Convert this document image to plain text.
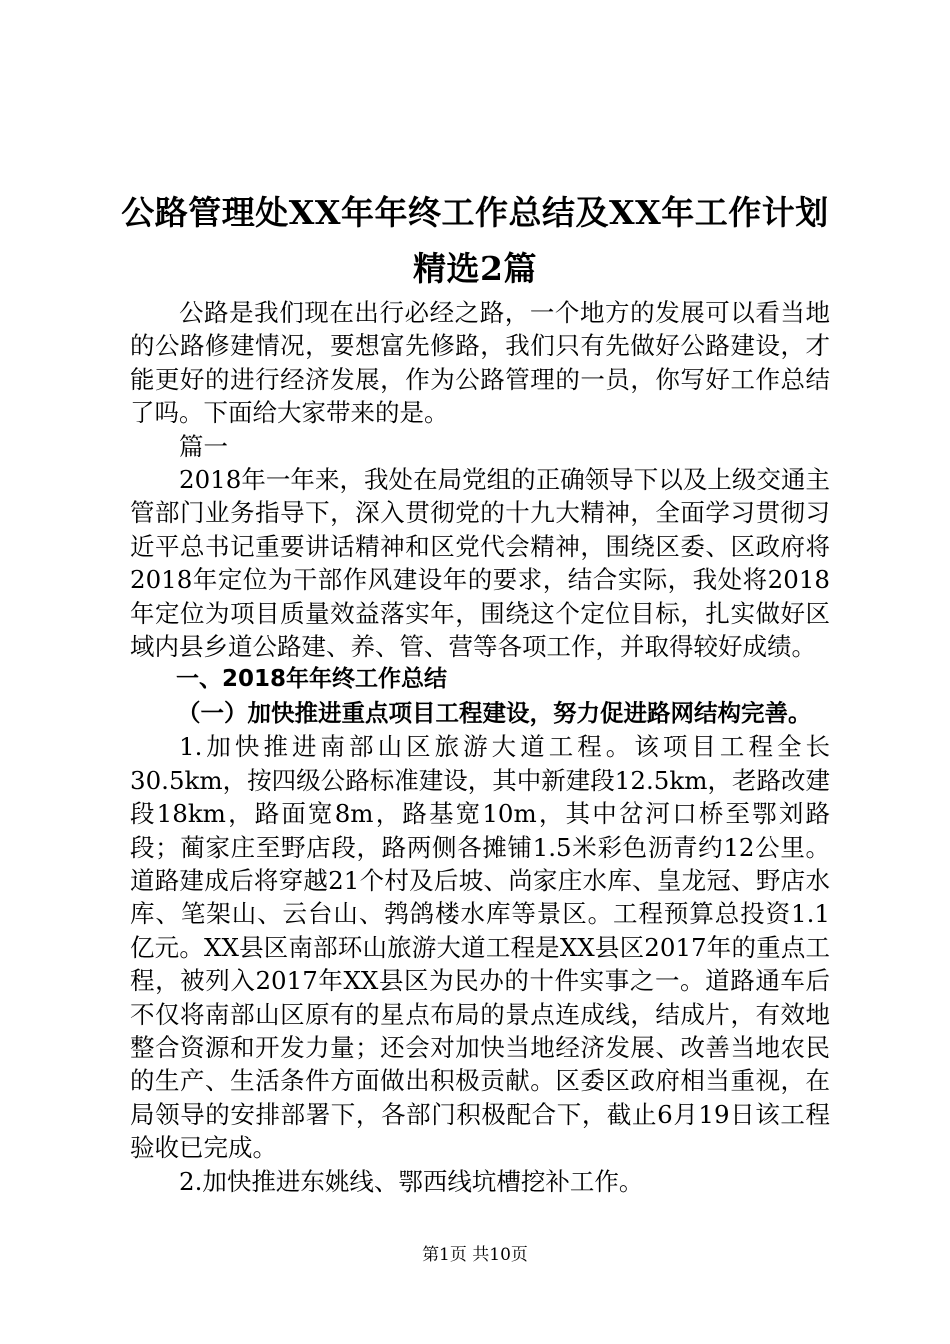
公路管理处XX年年终工作总结及XX年工作计划精选2篇

公路是我们现在出行必经之路，一个地方的发展可以看当地的公路修建情况，要想富先修路，我们只有先做好公路建设，才能更好的进行经济发展，作为公路管理的一员，你写好工作总结了吗。下面给大家带来的是。

篇一

2018年一年来，我处在局党组的正确领导下以及上级交通主管部门业务指导下，深入贯彻党的十九大精神，全面学习贯彻习近平总书记重要讲话精神和区党代会精神，围绕区委、区政府将2018年定位为干部作风建设年的要求，结合实际，我处将2018年定位为项目质量效益落实年，围绕这个定位目标，扎实做好区域内县乡道公路建、养、管、营等各项工作，并取得较好成绩。

一、2018年年终工作总结

（一）加快推进重点项目工程建设，努力促进路网结构完善。

1.加快推进南部山区旅游大道工程。该项目工程全长30.5km，按四级公路标准建设，其中新建段12.5km，老路改建段18km，路面宽8m，路基宽10m，其中岔河口桥至鄂刘路段；蔺家庄至野店段，路两侧各摊铺1.5米彩色沥青约12公里。道路建成后将穿越21个村及后坡、尚家庄水库、皇龙冠、野店水库、笔架山、云台山、鹁鸽楼水库等景区。工程预算总投资1.1亿元。XX县区南部环山旅游大道工程是XX县区2017年的重点工程，被列入2017年XX县区为民办的十件实事之一。道路通车后不仅将南部山区原有的星点布局的景点连成线，结成片，有效地整合资源和开发力量；还会对加快当地经济发展、改善当地农民的生产、生活条件方面做出积极贡献。区委区政府相当重视，在局领导的安排部署下，各部门积极配合下，截止6月19日该工程验收已完成。

2.加快推进东姚线、鄂西线坑槽挖补工作。

第1页 共10页
